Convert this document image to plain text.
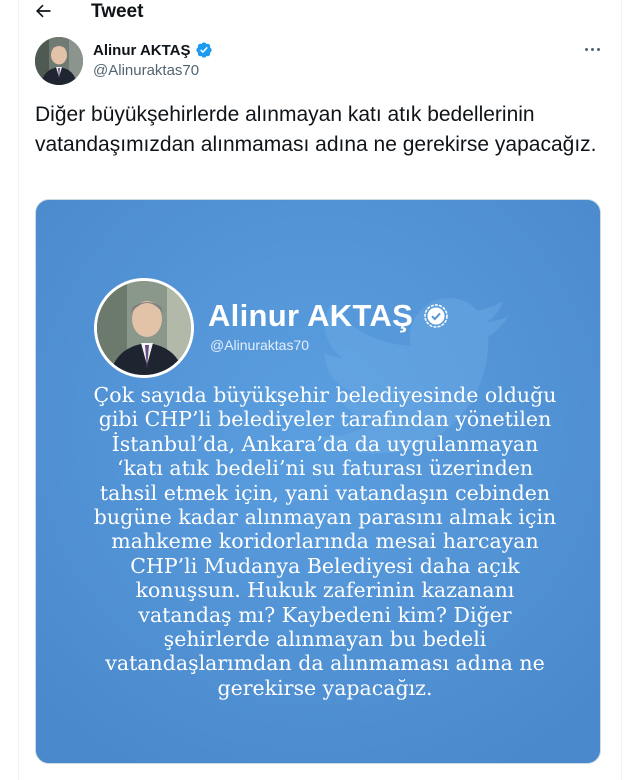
Tweet
Alinur AKTAŞ
@Alinuraktas70
Diğer büyükşehirlerde alınmayan katı atık bedellerinin vatandaşımızdan alınmaması adına ne gerekirse yapacağız.
Alinur AKTAŞ
@Alinuraktas70
Çok sayıda büyükşehir belediyesinde olduğu gibi CHP’li belediyeler tarafından yönetilen İstanbul’da, Ankara’da da uygulanmayan ‘katı atık bedeli’ni su faturası üzerinden tahsil etmek için, yani vatandaşın cebinden bugüne kadar alınmayan parasını almak için mahkeme koridorlarında mesai harcayan CHP’li Mudanya Belediyesi daha açık konuşsun. Hukuk zaferinin kazananı vatandaş mı? Kaybedeni kim? Diğer şehirlerde alınmayan bu bedeli vatandaşlarımdan da alınmaması adına ne gerekirse yapacağız.
